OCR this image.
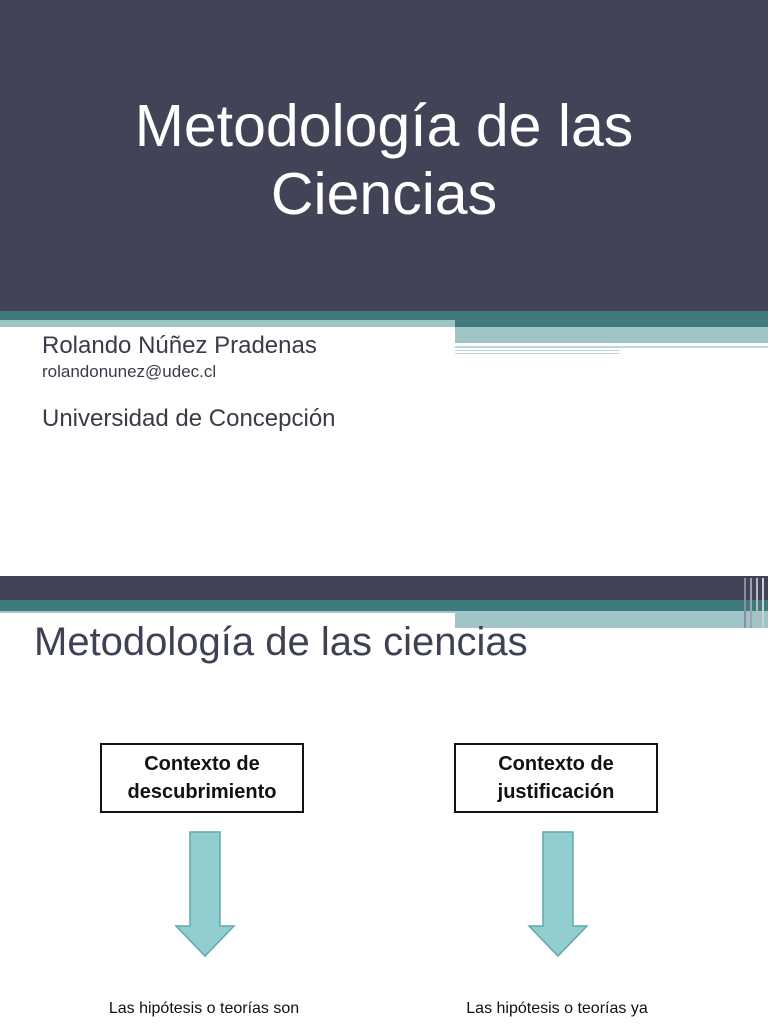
Metodología de las
Ciencias
Rolando Núñez Pradenas
rolandonunez@udec.cl
Universidad de Concepción
Metodología de las ciencias
Contexto de descubrimiento
Contexto de justificación
Las hipótesis o teorías son	Las hipótesis o teorías ya
